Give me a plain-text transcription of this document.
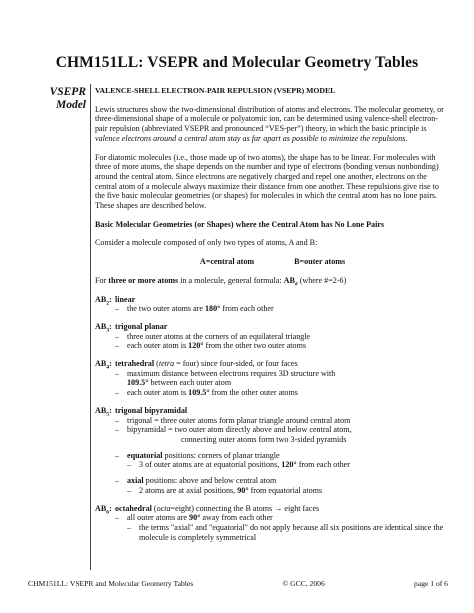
CHM151LL: VSEPR and Molecular Geometry Tables
VSEPR
Model

VALENCE-SHELL ELECTRON-PAIR REPULSION (VSEPR) MODEL

Lewis structures show the two-dimensional distribution of atoms and electrons. The molecular geometry, or three-dimensional shape of a molecule or polyatomic ion, can be determined using valence-shell electron-pair repulsion (abbreviated VSEPR and pronounced “VES-per”) theory, in which the basic principle is valence electrons around a central atom stay as far apart as possible to minimize the repulsions.

For diatomic molecules (i.e., those made up of two atoms), the shape has to be linear. For molecules with three of more atoms, the shape depends on the number and type of electrons (bonding versus nonbonding) around the central atom. Since electrons are negatively charged and repel one another, electrons on the central atom of a molecule always maximize their distance from one another. These repulsions give rise to the five basic molecular geometries (or shapes) for molecules in which the central atom has no lone pairs. These shapes are described below.

Basic Molecular Geometries (or Shapes) where the Central Atom has No Lone Pairs

Consider a molecule composed of only two types of atoms, A and B:

A=central atom	B=outer atoms

For three or more atoms in a molecule, general formula: $AB_{\#}$ (where #=2-6)

$AB_2$: linear
– the two outer atoms are 180° from each other
$AB_3$: trigonal planar
– three outer atoms at the corners of an equilateral triangle
– each outer atom is 120° from the other two outer atoms
$AB_4$: tetrahedral (tetra = four) since four-sided, or four faces
– maximum distance between electrons requires 3D structure with
109.5° between each outer atom
– each outer atom is 109.5° from the other outer atoms
$AB_5$: trigonal bipyramidal
– trigonal = three outer atoms form planar triangle around central atom
– bipyramidal = two outer atom directly above and below central atom,
connecting outer atoms form two 3-sided pyramids
– equatorial positions: corners of planar triangle
– 3 of outer atoms are at equatorial positions, 120° from each other
– axial positions: above and below central atom
– 2 atoms are at axial positions, 90° from equatorial atoms
$AB_6$: octahedral (octa=eight) connecting the B atoms → eight faces
– all outer atoms are 90° away from each other
– the terms "axial" and "equatorial" do not apply because all six positions are identical since the molecule is completely symmetrical
CHM151LL: VSEPR and Molecular Geometry Tables	© GCC, 2006	page 1 of 6
